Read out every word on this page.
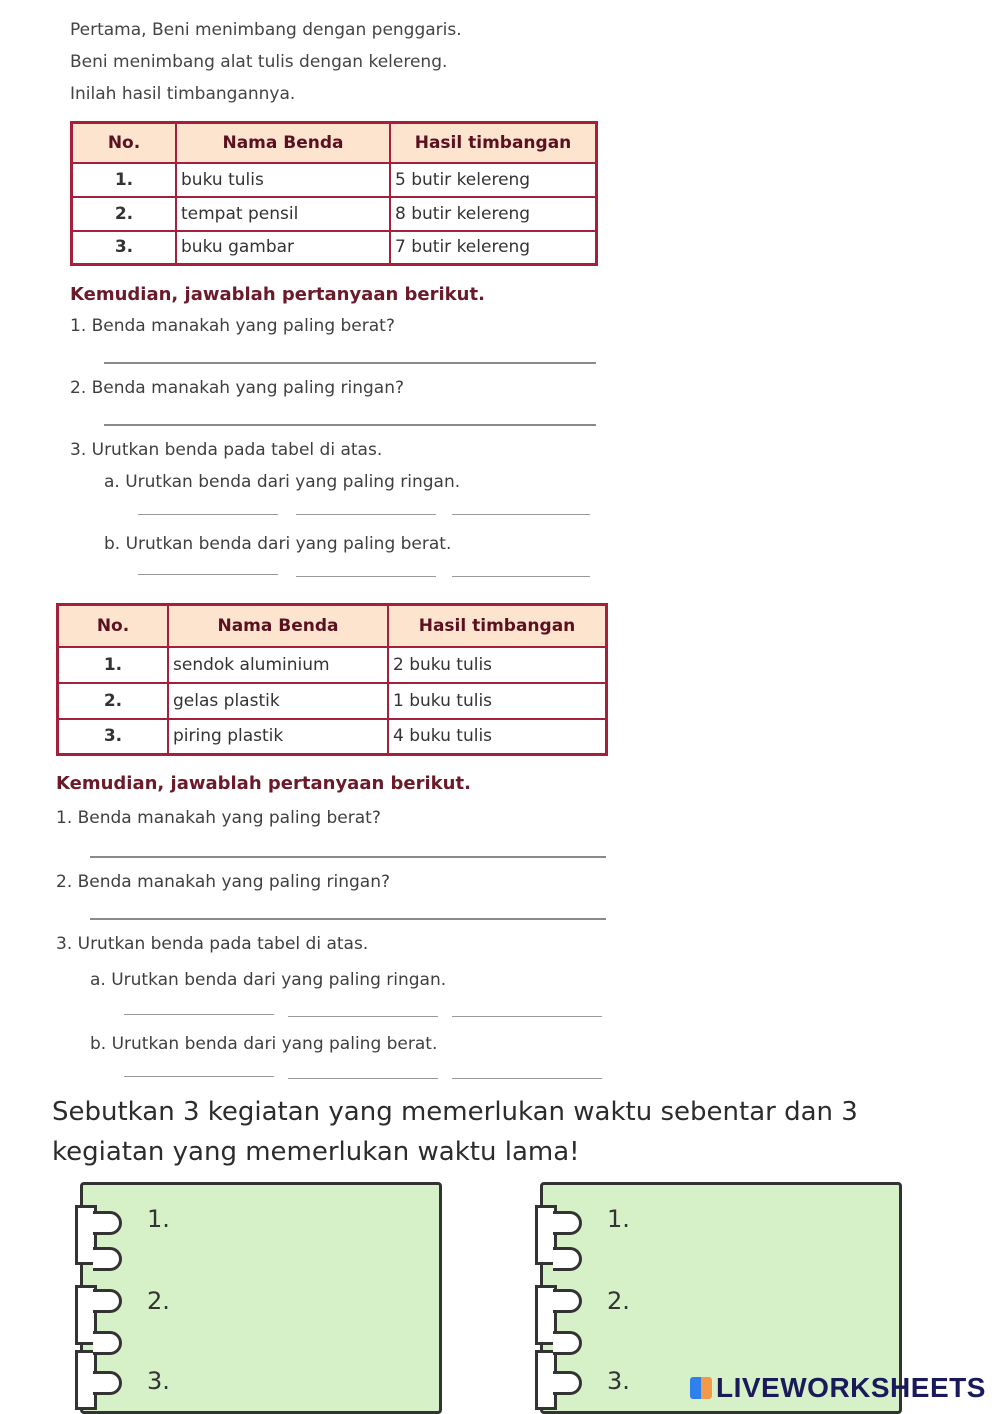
Pertama, Beni menimbang dengan penggaris.
Beni menimbang alat tulis dengan kelereng.
Inilah hasil timbangannya.
No.	Nama Benda	Hasil timbangan
1.	buku tulis	5 butir kelereng
2.	tempat pensil	8 butir kelereng
3.	buku gambar	7 butir kelereng
Kemudian, jawablah pertanyaan berikut.
1. Benda manakah yang paling berat?
2. Benda manakah yang paling ringan?
3. Urutkan benda pada tabel di atas.
a. Urutkan benda dari yang paling ringan.
b. Urutkan benda dari yang paling berat.
No.	Nama Benda	Hasil timbangan
1.	sendok aluminium	2 buku tulis
2.	gelas plastik	1 buku tulis
3.	piring plastik	4 buku tulis
Kemudian, jawablah pertanyaan berikut.
1. Benda manakah yang paling berat?
2. Benda manakah yang paling ringan?
3. Urutkan benda pada tabel di atas.
a. Urutkan benda dari yang paling ringan.
b. Urutkan benda dari yang paling berat.
Sebutkan 3 kegiatan yang memerlukan waktu sebentar dan 3 kegiatan yang memerlukan waktu lama!
1.
2.
3.
1.
2.
3.	LIVEWORKSHEETS
